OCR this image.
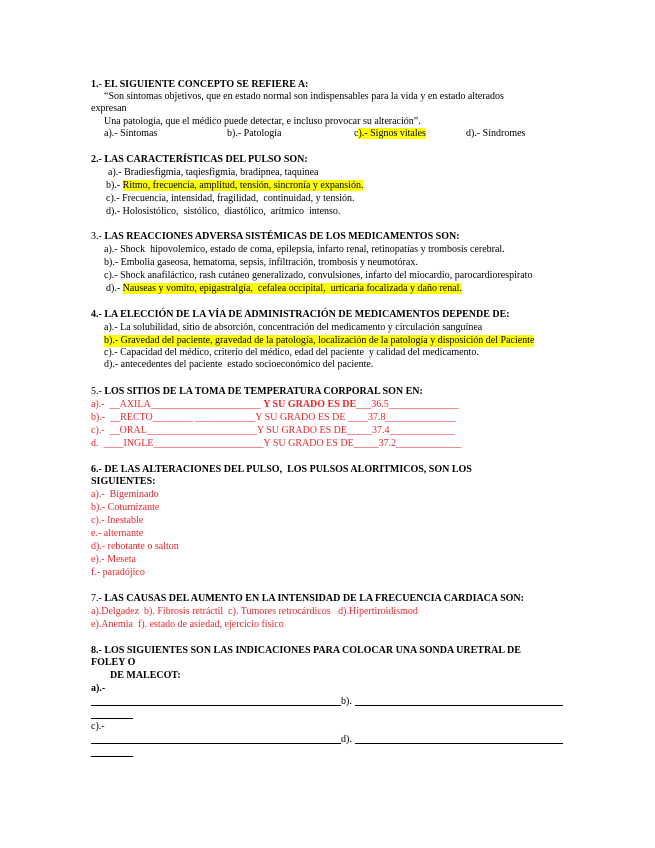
1.- EL SIGUIENTE CONCEPTO SE REFIERE A:
“Son síntomas objetivos, que en estado normal son indispensables para la vida y en estado alterados
expresan
Una patología, que el médico puede detectar, e incluso provocar su alteración”.
a).- Síntomas	b).- Patología	c).- Signos vitales	d).- Síndromes
2.- LAS CARACTERÍSTICAS DEL PULSO SON:
a).- Bradiesfigmia, taqiesfigmia, bradipnea, taquinea
b).- Ritmo, frecuencia, amplitud, tensión, sincronía y expansión.
c).- Frecuencia, intensidad, fragilidad,  continuidad, y tensión.
d).- Holosistólico,  sistólico,  diastólico,  arítmico  intenso.
3.- LAS REACCIONES ADVERSA SISTÉMICAS DE LOS MEDICAMENTOS SON:
a).- Shock  hipovolemico, estado de coma, epilepsia, infarto renal, retinopatías y trombosis cerebral.
b).- Embolia gaseosa, hematoma, sepsis, infiltración, trombosis y neumotórax.
c).- Shock anafiláctico, rash cutáneo generalizado, convulsiones, infarto del miocardio, parocardiorespirato
d).- Nauseas y vomito, epigastralgía,  cefalea occipital,  urticaria focalizada y daño renal.
4.- LA ELECCIÓN DE LA VÍA DE ADMINISTRACIÓN DE MEDICAMENTOS DEPENDE DE:
a).- La solubilidad, sitio de absorción, concentración del medicamento y circulación sanguínea
b).- Gravedad del paciente, gravedad de la patología, localización de la patología y disposición del Paciente
c).- Capacidad del médico, criterio del médico, edad del paciente  y calidad del medicamento.
d).- antecedentes del paciente  estado socioeconómico del paciente.
5.- LOS SITIOS DE LA TOMA DE TEMPERATURA CORPORAL SON EN:
a).-  __AXILA______________________ Y SU GRADO ES DE___36.5______________
b).-  __RECTO________ ____________Y SU GRADO ES DE ____37.8______________
c).-  __ORAL______________________Y SU GRADO ES DE_____37.4_____________
d.  ____INGLE______________________Y SU GRADO ES DE_____37.2_____________
6.- DE LAS ALTERACIONES DEL PULSO,  LOS PULSOS ALORITMICOS, SON LOS
SIGUIENTES:
a).-  Bigeminado
b).- Coturnizante
c).- Inestable
e.- alternante
d).- rebotante o salton
e).- Meseta
f.- paradójico
7.- LAS CAUSAS DEL AUMENTO EN LA INTENSIDAD DE LA FRECUENCIA CARDIACA SON:
a).Delgadez  b). Fibrosis retráctil  c). Tumores retrocárdicos   d).Hipertiroidismod
e).Anemia  f). estado de asiedad, ejercicio físico
8.- LOS SIGUIENTES SON LAS INDICACIONES PARA COLOCAR UNA SONDA URETRAL DE
FOLEY O
DE MALECOT:
a).-
b).
c).-
d).
